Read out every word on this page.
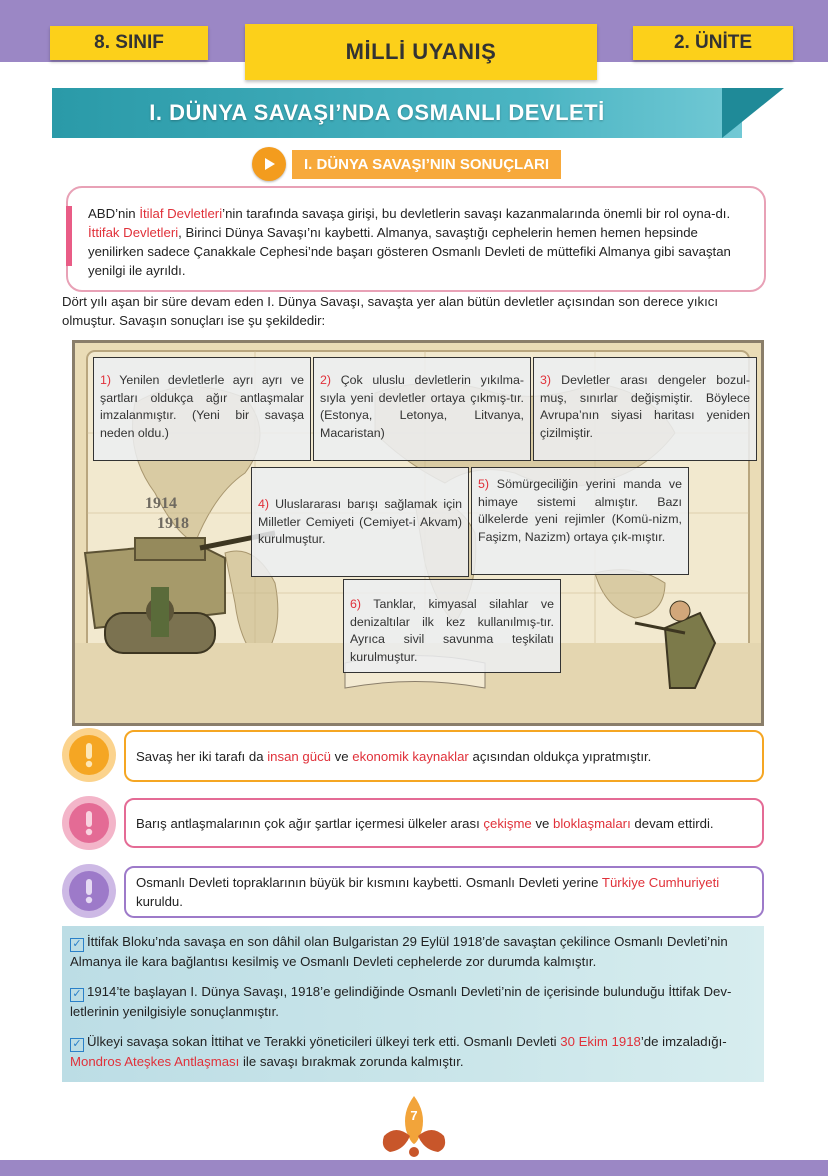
8. SINIF	MİLLİ UYANIŞ	2. ÜNİTE
I. DÜNYA SAVAŞI’NDA OSMANLI DEVLETİ
I. DÜNYA SAVAŞI’NIN SONUÇLARI

ABD’nin İtilaf Devletleri’nin tarafında savaşa girişi, bu devletlerin savaşı kazanmalarında önemli bir rol oyna-dı. İttifak Devletleri, Birinci Dünya Savaşı’nı kaybetti. Almanya, savaştığı cephelerin hemen hemen hepsinde yenilirken sadece Çanakkale Cephesi’nde başarı gösteren Osmanlı Devleti de müttefiki Almanya gibi savaştan yenilgi ile ayrıldı.

Dört yılı aşan bir süre devam eden I. Dünya Savaşı, savaşta yer alan bütün devletler açısından son derece yıkıcı olmuştur. Savaşın sonuçları ise şu şekildedir:

1914
1918
1) Yenilen devletlerle ayrı ayrı ve şartları oldukça ağır antlaşmalar imzalanmıştır. (Yeni bir savaşa neden oldu.)
2) Çok uluslu devletlerin yıkılma-sıyla yeni devletler ortaya çıkmış-tır. (Estonya, Letonya, Litvanya, Macaristan)
3) Devletler arası dengeler bozul-muş, sınırlar değişmiştir. Böylece Avrupa’nın siyasi haritası yeniden çizilmiştir.
4) Uluslararası barışı sağlamak için Milletler Cemiyeti (Cemiyet-i Akvam) kurulmuştur.
5) Sömürgeciliğin yerini manda ve himaye sistemi almıştır. Bazı ülkelerde yeni rejimler (Komü-nizm, Faşizm, Nazizm) ortaya çık-mıştır.
6) Tanklar, kimyasal silahlar ve denizaltılar ilk kez kullanılmış-tır. Ayrıca sivil savunma teşkilatı kurulmuştur.
Savaş her iki tarafı da insan gücü ve ekonomik kaynaklar açısından oldukça yıpratmıştır.
Barış antlaşmalarının çok ağır şartlar içermesi ülkeler arası çekişme ve bloklaşmaları devam ettirdi.
Osmanlı Devleti topraklarının büyük bir kısmını kaybetti. Osmanlı Devleti yerine Türkiye Cumhuriyeti kuruldu.
✓ İttifak Bloku’nda savaşa en son dâhil olan Bulgaristan 29 Eylül 1918’de savaştan çekilince Osmanlı Devleti’nin Almanya ile kara bağlantısı kesilmiş ve Osmanlı Devleti cephelerde zor durumda kalmıştır.
✓ 1914’te başlayan I. Dünya Savaşı, 1918’e gelindiğinde Osmanlı Devleti’nin de içerisinde bulunduğu İttifak Dev-letlerinin yenilgisiyle sonuçlanmıştır.
✓ Ülkeyi savaşa sokan İttihat ve Terakki yöneticileri ülkeyi terk etti. Osmanlı Devleti 30 Ekim 1918’de imzaladığı-Mondros Ateşkes Antlaşması ile savaşı bırakmak zorunda kalmıştır.
7
